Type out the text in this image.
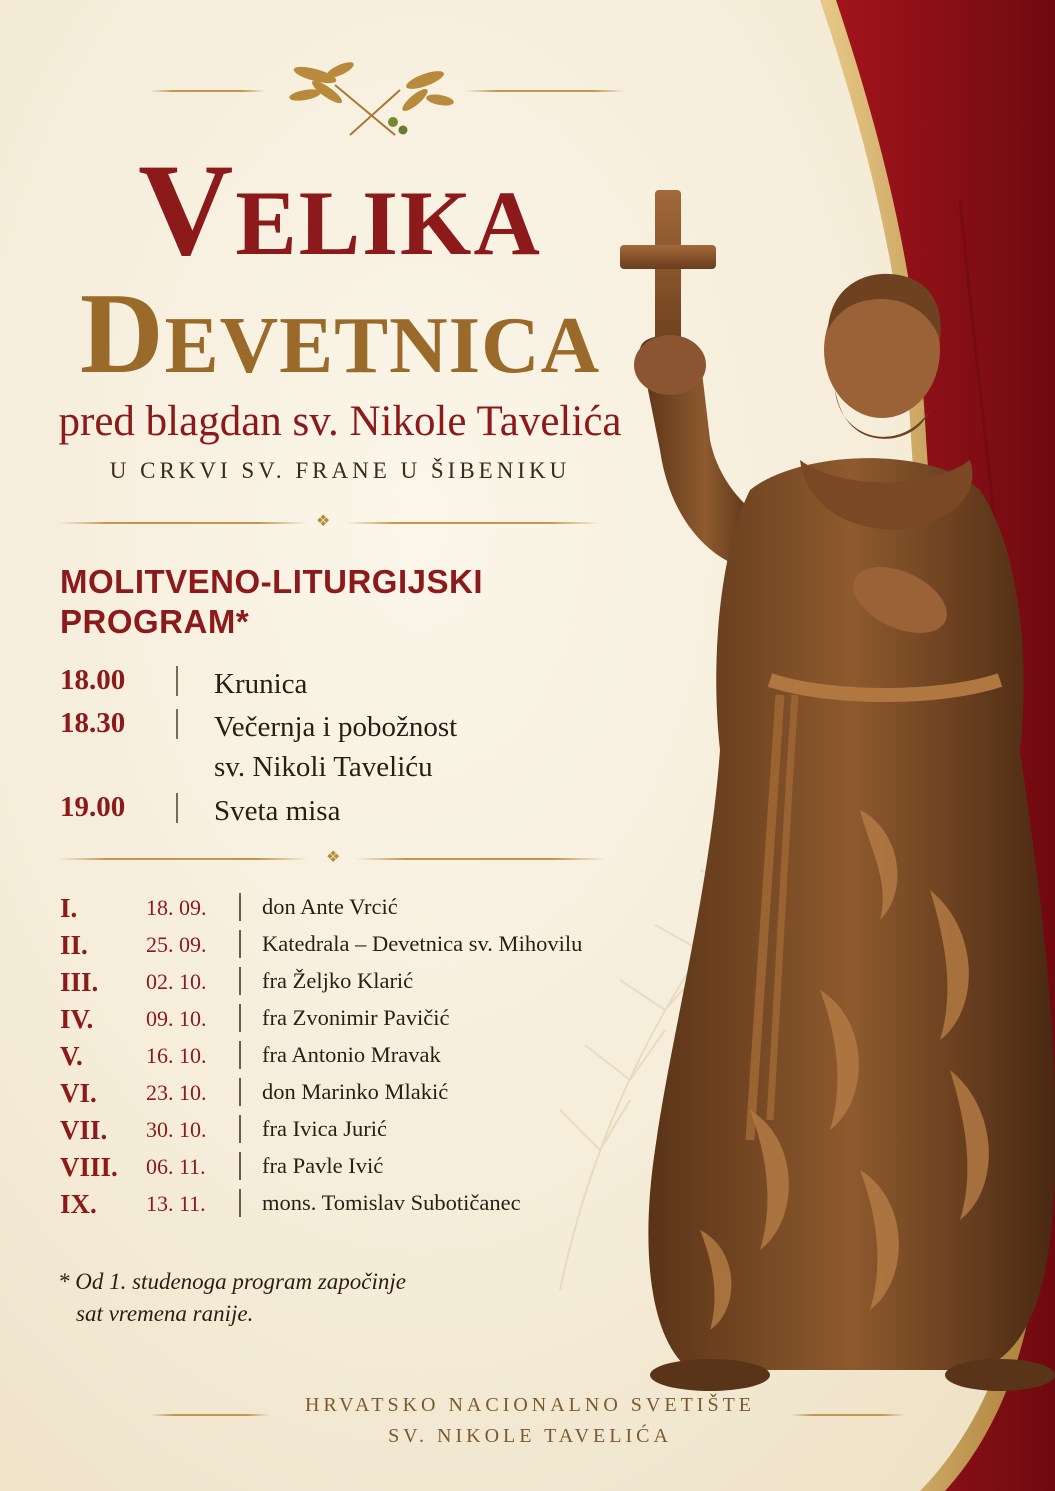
Velika
Devetnica
pred blagdan sv. Nikole Tavelića
U CRKVI SV. FRANE U ŠIBENIKU
❖
MOLITVENO-LITURGIJSKI
PROGRAM*
18.00	Krunica
18.30	Večernja i pobožnost
sv. Nikoli Taveliću
19.00	Sveta misa
❖
I.	18. 09. don Ante Vrcić
II.	25. 09. Katedrala – Devetnica sv. Mihovilu
III. 02. 10. fra Željko Klarić
IV. 09. 10. fra Zvonimir Pavičić
V.	16. 10. fra Antonio Mravak
VI. 23. 10. don Marinko Mlakić
VII. 30. 10. fra Ivica Jurić
VIII. 06. 11.	fra Pavle Ivić
IX. 13. 11.	mons. Tomislav Subotičanec
* Od 1. studenoga program započinje
sat vremena ranije.
HRVATSKO NACIONALNO SVETIŠTE
SV. NIKOLE TAVELIĆA
